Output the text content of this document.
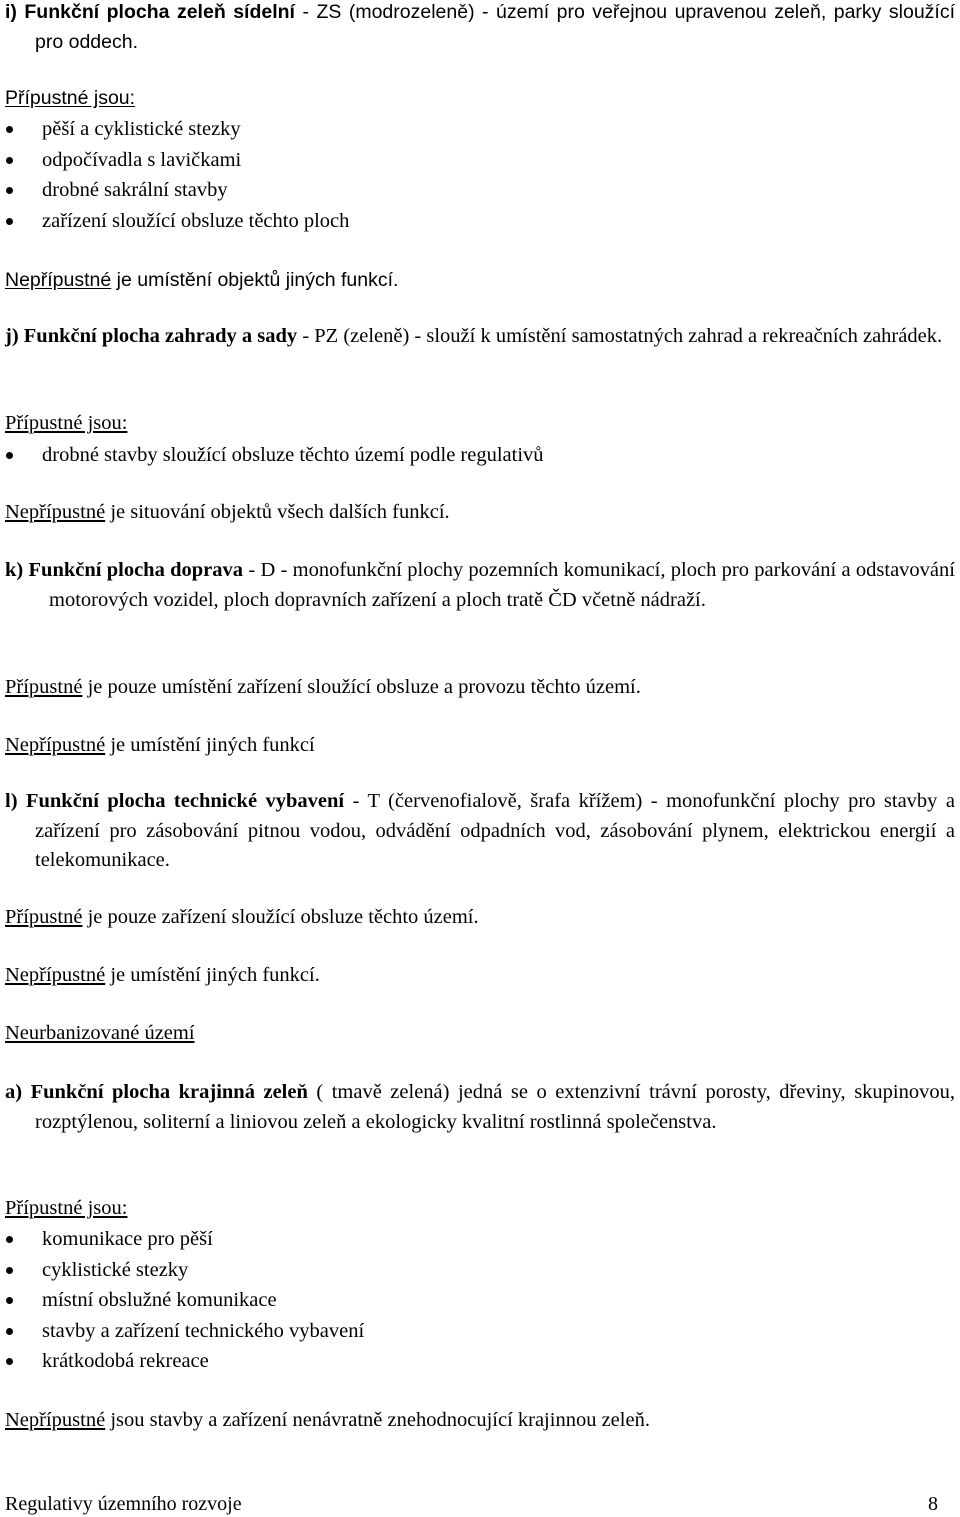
i) Funkční plocha zeleň sídelní - ZS (modrozeleně) - území pro veřejnou upravenou zeleň, parky sloužící pro oddech.
Přípustné jsou:
pěší a cyklistické stezky
odpočívadla s lavičkami
drobné sakrální stavby
zařízení sloužící obsluze těchto ploch
Nepřípustné je umístění objektů jiných funkcí.
j) Funkční plocha zahrady a sady - PZ (zeleně) - slouží k umístění samostatných zahrad a rekreačních zahrádek.
Přípustné jsou:
drobné stavby sloužící obsluze těchto území podle regulativů
Nepřípustné je situování objektů všech dalších funkcí.
k) Funkční plocha doprava - D - monofunkční plochy pozemních komunikací, ploch pro parkování a odstavování motorových vozidel, ploch dopravních zařízení a ploch tratě ČD včetně nádraží.
Přípustné je pouze umístění zařízení sloužící obsluze a provozu těchto území.
Nepřípustné je umístění jiných funkcí
l) Funkční plocha technické vybavení - T (červenofialově, šrafa křížem) - monofunkční plochy pro stavby a zařízení pro zásobování pitnou vodou, odvádění odpadních vod, zásobování plynem, elektrickou energií a telekomunikace.
Přípustné je pouze zařízení sloužící obsluze těchto území.
Nepřípustné je umístění jiných funkcí.
Neurbanizované území
a) Funkční plocha krajinná zeleň ( tmavě zelená) jedná se o extenzivní trávní porosty, dřeviny, skupinovou, rozptýlenou, soliterní a liniovou zeleň a ekologicky kvalitní rostlinná společenstva.
Přípustné jsou:
komunikace pro pěší
cyklistické stezky
místní obslužné komunikace
stavby a zařízení technického vybavení
krátkodobá rekreace
Nepřípustné jsou stavby a zařízení nenávratně znehodnocující krajinnou zeleň.
Regulativy územního rozvoje	8
